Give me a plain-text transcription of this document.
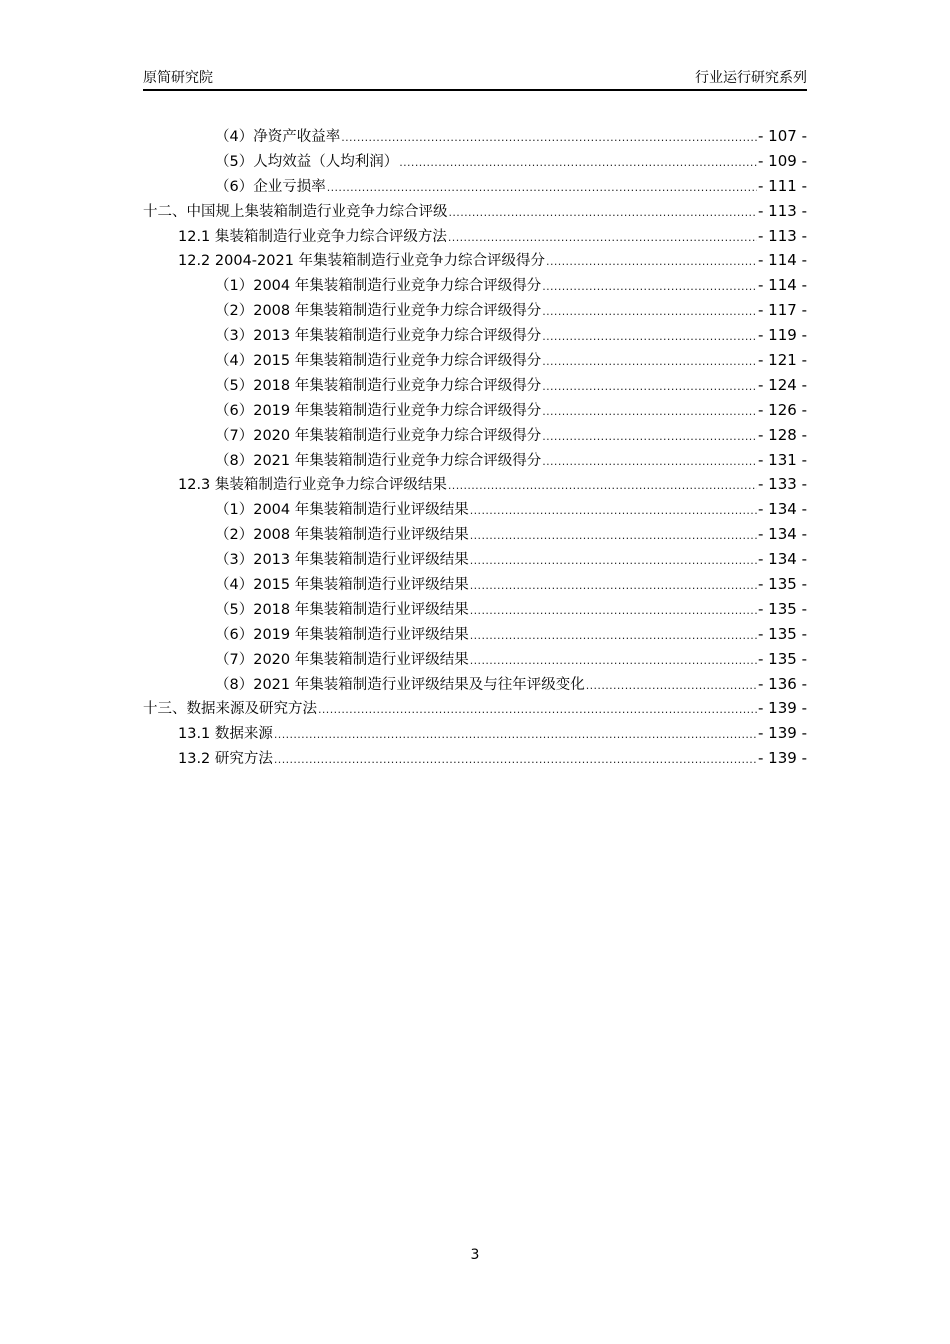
原简研究院	行业运行研究系列
（4）净资产收益率 .....	- 107 -
（5）人均效益（人均利润） .....	- 109 -
（6）企业亏损率 .....	- 111 -
十二、中国规上集装箱制造行业竞争力综合评级 .....	- 113 -
12.1 集装箱制造行业竞争力综合评级方法 .....	- 113 -
12.2 2004-2021 年集装箱制造行业竞争力综合评级得分 .....	- 114 -
（1）2004 年集装箱制造行业竞争力综合评级得分 .....	- 114 -
（2）2008 年集装箱制造行业竞争力综合评级得分 .....	- 117 -
（3）2013 年集装箱制造行业竞争力综合评级得分 .....	- 119 -
（4）2015 年集装箱制造行业竞争力综合评级得分 .....	- 121 -
（5）2018 年集装箱制造行业竞争力综合评级得分 .....	- 124 -
（6）2019 年集装箱制造行业竞争力综合评级得分 .....	- 126 -
（7）2020 年集装箱制造行业竞争力综合评级得分 .....	- 128 -
（8）2021 年集装箱制造行业竞争力综合评级得分 .....	- 131 -
12.3 集装箱制造行业竞争力综合评级结果 .....	- 133 -
（1）2004 年集装箱制造行业评级结果 .....	- 134 -
（2）2008 年集装箱制造行业评级结果 .....	- 134 -
（3）2013 年集装箱制造行业评级结果 .....	- 134 -
（4）2015 年集装箱制造行业评级结果 .....	- 135 -
（5）2018 年集装箱制造行业评级结果 .....	- 135 -
（6）2019 年集装箱制造行业评级结果 .....	- 135 -
（7）2020 年集装箱制造行业评级结果 .....	- 135 -
（8）2021 年集装箱制造行业评级结果及与往年评级变化 .....	- 136 -
十三、数据来源及研究方法 .....	- 139 -
13.1 数据来源 .....	- 139 -
13.2 研究方法 .....	- 139 -
3
